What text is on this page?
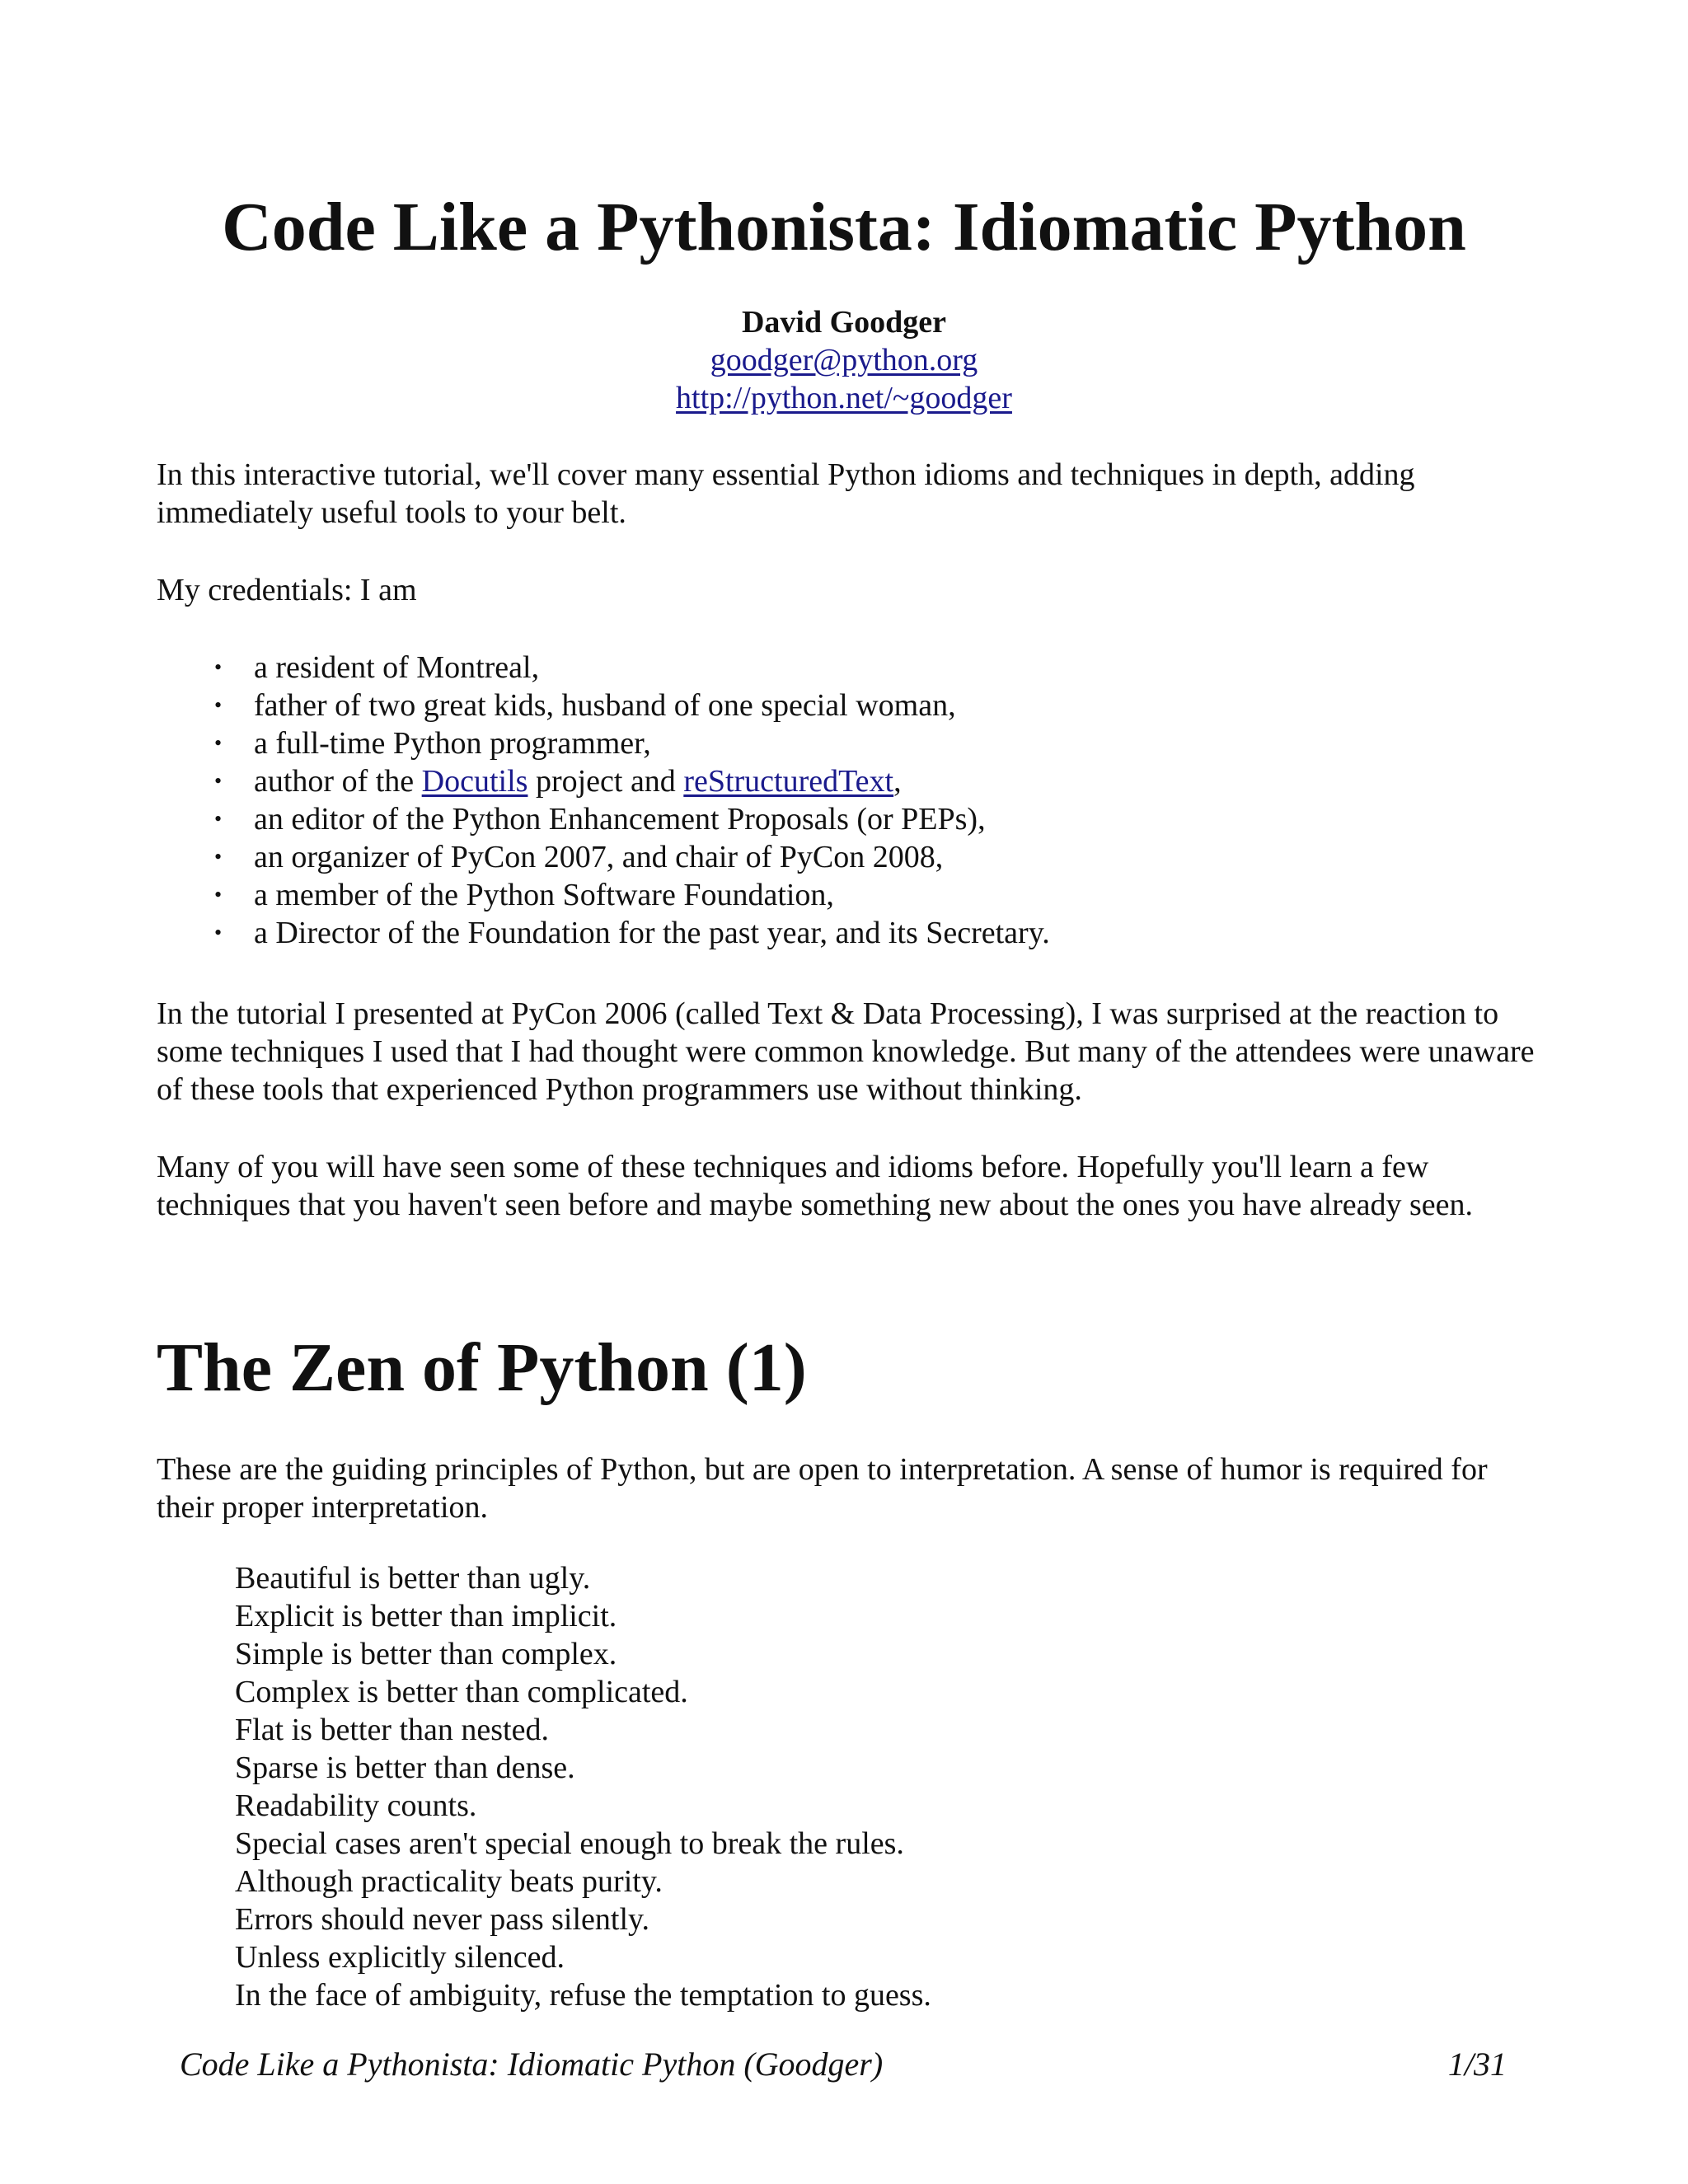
Code Like a Pythonista: Idiomatic Python
David Goodger
goodger@python.org
http://python.net/~goodger

In this interactive tutorial, we'll cover many essential Python idioms and techniques in depth, adding immediately useful tools to your belt.

My credentials: I am

• a resident of Montreal,
• father of two great kids, husband of one special woman,
• a full-time Python programmer,
• author of the Docutils project and reStructuredText,
• an editor of the Python Enhancement Proposals (or PEPs),
• an organizer of PyCon 2007, and chair of PyCon 2008,
• a member of the Python Software Foundation,
• a Director of the Foundation for the past year, and its Secretary.

In the tutorial I presented at PyCon 2006 (called Text & Data Processing), I was surprised at the reaction to some techniques I used that I had thought were common knowledge. But many of the attendees were unaware of these tools that experienced Python programmers use without thinking.

Many of you will have seen some of these techniques and idioms before. Hopefully you'll learn a few techniques that you haven't seen before and maybe something new about the ones you have already seen.

The Zen of Python (1)

These are the guiding principles of Python, but are open to interpretation. A sense of humor is required for their proper interpretation.

Beautiful is better than ugly.
Explicit is better than implicit.
Simple is better than complex.
Complex is better than complicated.
Flat is better than nested.
Sparse is better than dense.
Readability counts.
Special cases aren't special enough to break the rules.
Although practicality beats purity.
Errors should never pass silently.
Unless explicitly silenced.
In the face of ambiguity, refuse the temptation to guess.
Code Like a Pythonista: Idiomatic Python (Goodger)	1/31
